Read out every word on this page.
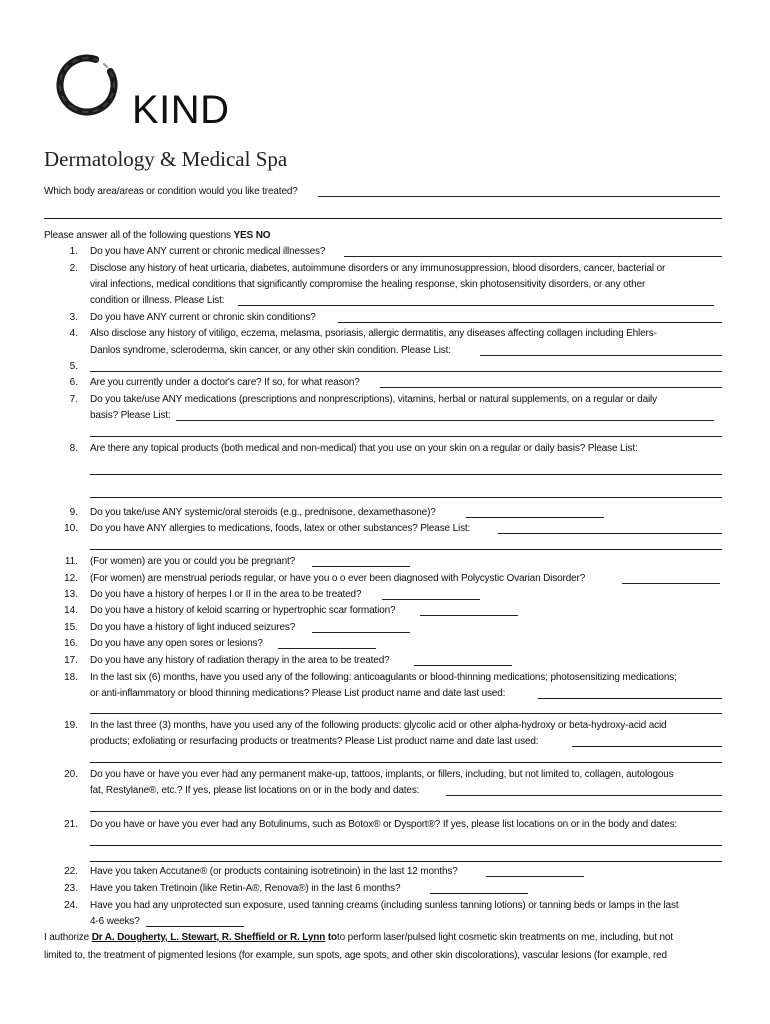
KIND
Dermatology & Medical Spa
Which body area/areas or condition would you like treated?
Please answer all of the following questions YES NO
1. Do you have ANY current or chronic medical illnesses?
2. Disclose any history of heat urticaria, diabetes, autoimmune disorders or any immunosuppression, blood disorders, cancer, bacterial or
viral infections, medical conditions that significantly compromise the healing response, skin photosensitivity disorders, or any other
condition or illness. Please List:
3. Do you have ANY current or chronic skin conditions?
4. Also disclose any history of vitiligo, eczema, melasma, psoriasis, allergic dermatitis, any diseases affecting collagen including Ehlers-
Danlos syndrome, scleroderma, skin cancer, or any other skin condition. Please List:
5.
6. Are you currently under a doctor's care? If so, for what reason?
7. Do you take/use ANY medications (prescriptions and nonprescriptions), vitamins, herbal or natural supplements, on a regular or daily
basis? Please List:
8. Are there any topical products (both medical and non-medical) that you use on your skin on a regular or daily basis? Please List:
9. Do you take/use ANY systemic/oral steroids (e.g., prednisone, dexamethasone)?
10. Do you have ANY allergies to medications, foods, latex or other substances? Please List:
11. (For women) are you or could you be pregnant?
12. (For women) are menstrual periods regular, or have you o o ever been diagnosed with Polycystic Ovarian Disorder?
13. Do you have a history of herpes I or II in the area to be treated?
14. Do you have a history of keloid scarring or hypertrophic scar formation?
15. Do you have a history of light induced seizures?
16. Do you have any open sores or lesions?
17. Do you have any history of radiation therapy in the area to be treated?
18. In the last six (6) months, have you used any of the following: anticoagulants or blood-thinning medications; photosensitizing medications;
or anti-inflammatory or blood thinning medications? Please List product name and date last used:
19. In the last three (3) months, have you used any of the following products: glycolic acid or other alpha-hydroxy or beta-hydroxy-acid acid
products; exfoliating or resurfacing products or treatments? Please List product name and date last used:
20. Do you have or have you ever had any permanent make-up, tattoos, implants, or fillers, including, but not limited to, collagen, autologous
fat, Restylane®, etc.? If yes, please list locations on or in the body and dates:
21. Do you have or have you ever had any Botulinums, such as Botox® or Dysport®? If yes, please list locations on or in the body and dates:
22. Have you taken Accutane® (or products containing isotretinoin) in the last 12 months?
23. Have you taken Tretinoin (like Retin-A®, Renova®) in the last 6 months?
24. Have you had any unprotected sun exposure, used tanning creams (including sunless tanning lotions) or tanning beds or lamps in the last
4-6 weeks?
I authorize Dr A. Dougherty, L. Stewart, R. Sheffield or R. Lynn toto perform laser/pulsed light cosmetic skin treatments on me, including, but not
limited to, the treatment of pigmented lesions (for example, sun spots, age spots, and other skin discolorations), vascular lesions (for example, red
